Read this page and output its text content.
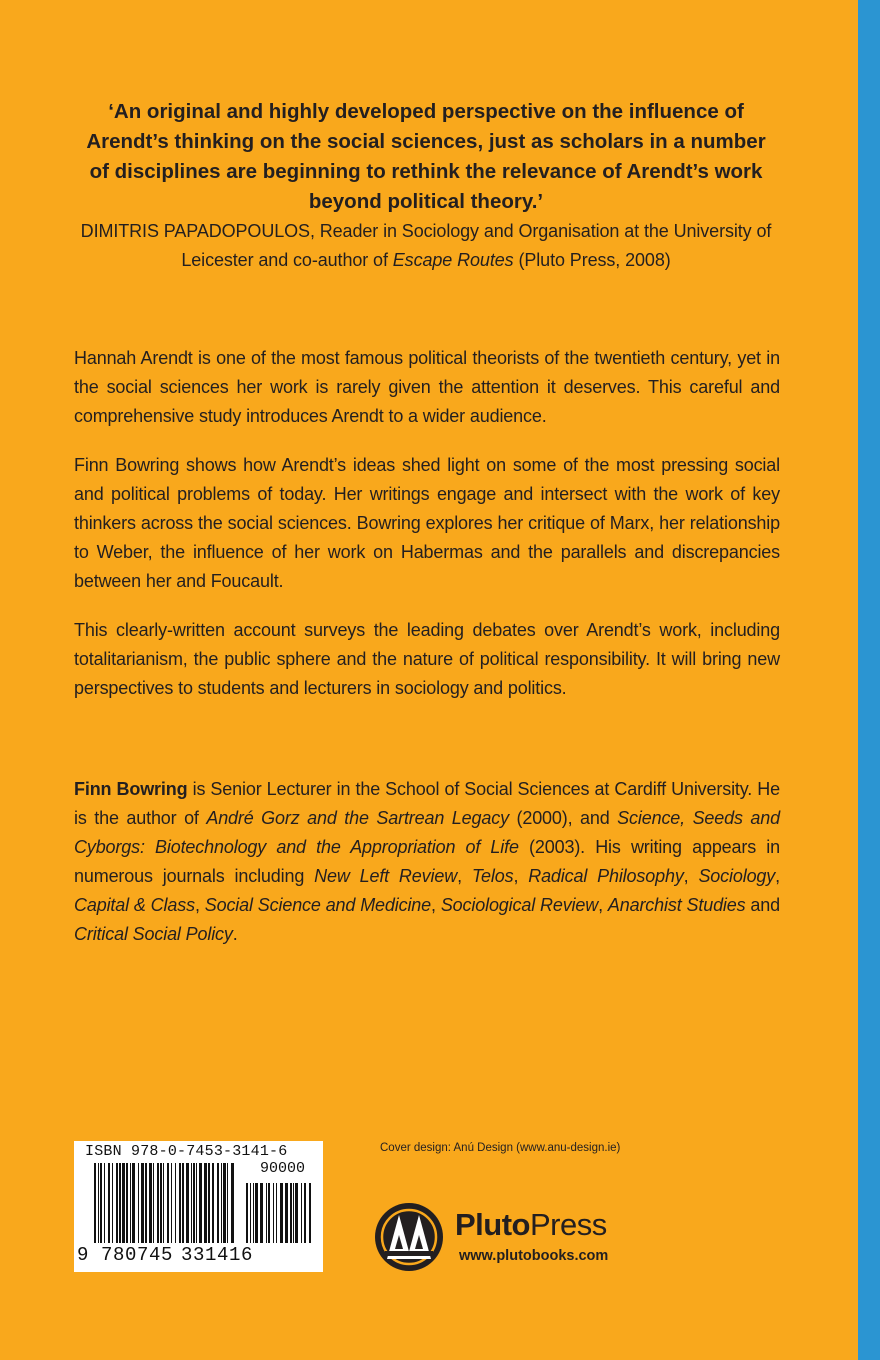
‘An original and highly developed perspective on the influence of
Arendt’s thinking on the social sciences, just as scholars in a number
of disciplines are beginning to rethink the relevance of Arendt’s work
beyond political theory.’

DIMITRIS PAPADOPOULOS, Reader in Sociology and Organisation at the University of
Leicester and co-author of Escape Routes (Pluto Press, 2008)

Hannah Arendt is one of the most famous political theorists of the twentieth century, yet in the social sciences her work is rarely given the attention it deserves. This careful and comprehensive study introduces Arendt to a wider audience.

Finn Bowring shows how Arendt’s ideas shed light on some of the most pressing social and political problems of today. Her writings engage and intersect with the work of key thinkers across the social sciences. Bowring explores her critique of Marx, her relationship to Weber, the influence of her work on Habermas and the parallels and discrepancies between her and Foucault.

This clearly-written account surveys the leading debates over Arendt’s work, including totalitarianism, the public sphere and the nature of political responsibility. It will bring new perspectives to students and lecturers in sociology and politics.

Finn Bowring is Senior Lecturer in the School of Social Sciences at Cardiff University. He is the author of André Gorz and the Sartrean Legacy (2000), and Science, Seeds and Cyborgs: Biotechnology and the Appropriation of Life (2003). His writing appears in numerous journals including New Left Review, Telos, Radical Philosophy, Sociology, Capital & Class, Social Science and Medicine, Sociological Review, Anarchist Studies and Critical Social Policy.

ISBN 978-0-7453-3141-6
90000
9 780745 331416
Cover design: Anú Design (www.anu-design.ie)
PlutoPress
www.plutobooks.com
